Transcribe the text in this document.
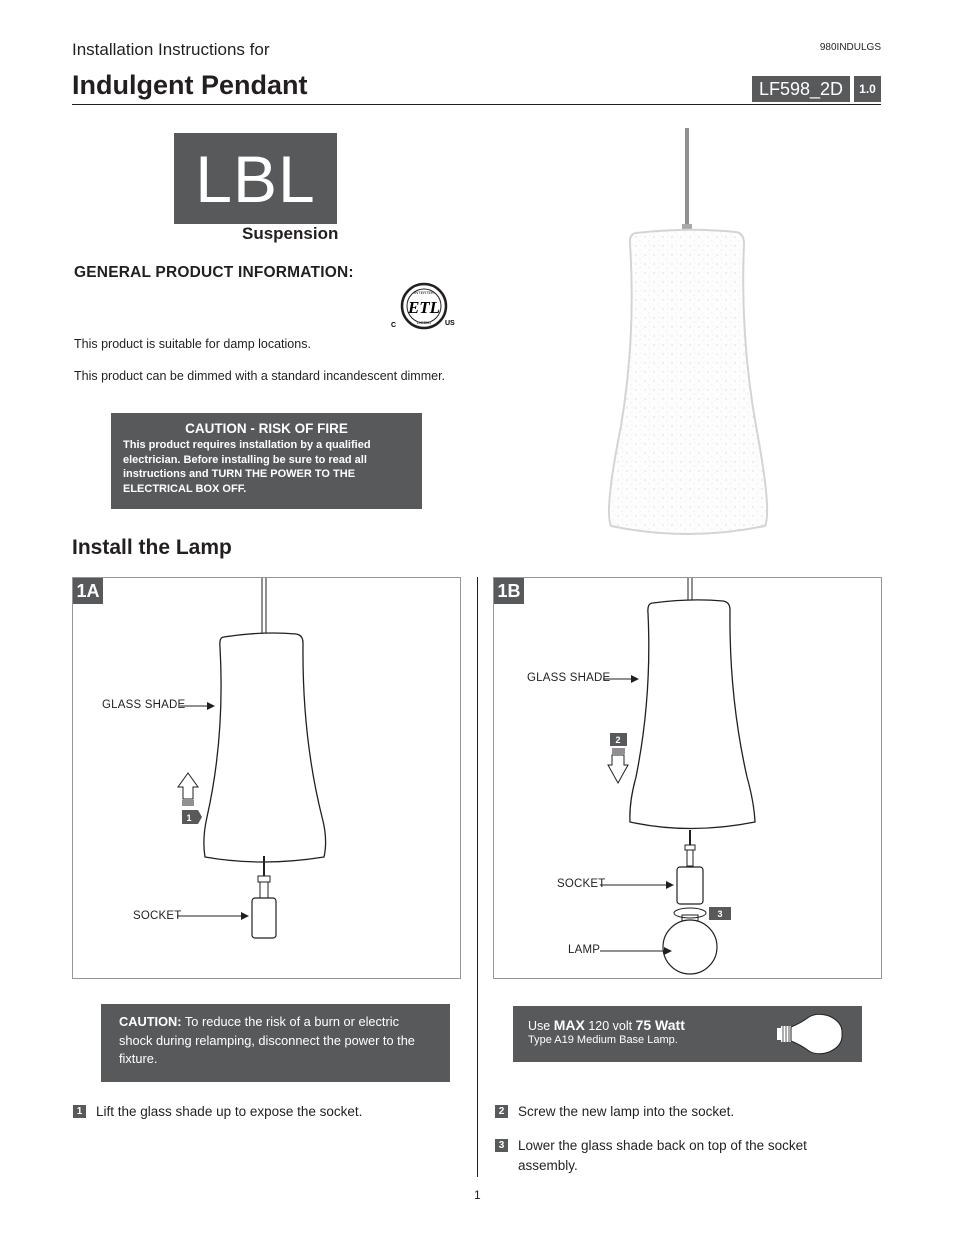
Installation Instructions for	980INDULGS
Indulgent Pendant	LF598_2D	1.0
LBL
Suspension
GENERAL PRODUCT INFORMATION:
INTERTEK
ETL
LISTED
C	US
This product is suitable for damp locations.
This product can be dimmed with a standard incandescent dimmer.
CAUTION - RISK OF FIRE
This product requires installation by a qualified electrician. Before installing be sure to read all instructions and TURN THE POWER TO THE ELECTRICAL BOX OFF.
Install the Lamp
1A
1
GLASS SHADE
SOCKET
1B
3
2
GLASS SHADE
SOCKET
LAMP
CAUTION: To reduce the risk of a burn or electric shock during relamping, disconnect the power to the fixture.
Use MAX 120 volt 75 Watt
Type A19 Medium Base Lamp.
1 Lift the glass shade up to expose the socket.	2 Screw the new lamp into the socket.
3 Lower the glass shade back on top of the socket assembly.
1
